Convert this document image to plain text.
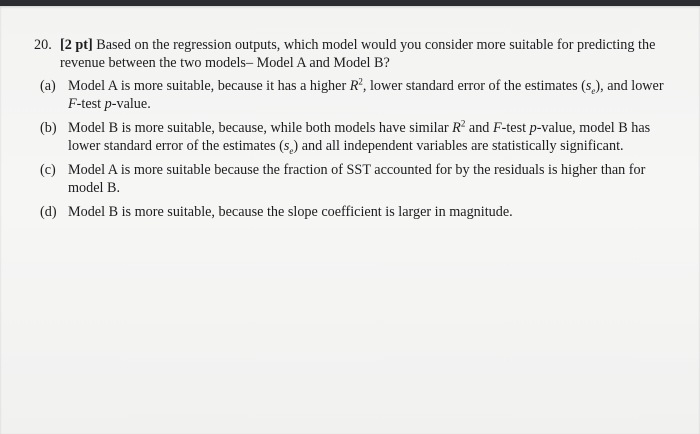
20. [2 pt] Based on the regression outputs, which model would you consider more suitable for predicting the revenue between the two models– Model A and Model B?
(a) Model A is more suitable, because it has a higher $R^2$, lower standard error of the estimates $(s_e)$, and lower F-test p-value.
(b) Model B is more suitable, because, while both models have similar $R^2$ and F-test p-value, model B has lower standard error of the estimates $(s_e)$ and all independent variables are statistically significant.
(c) Model A is more suitable because the fraction of SST accounted for by the residuals is higher than for model B.
(d) Model B is more suitable, because the slope coefficient is larger in magnitude.
